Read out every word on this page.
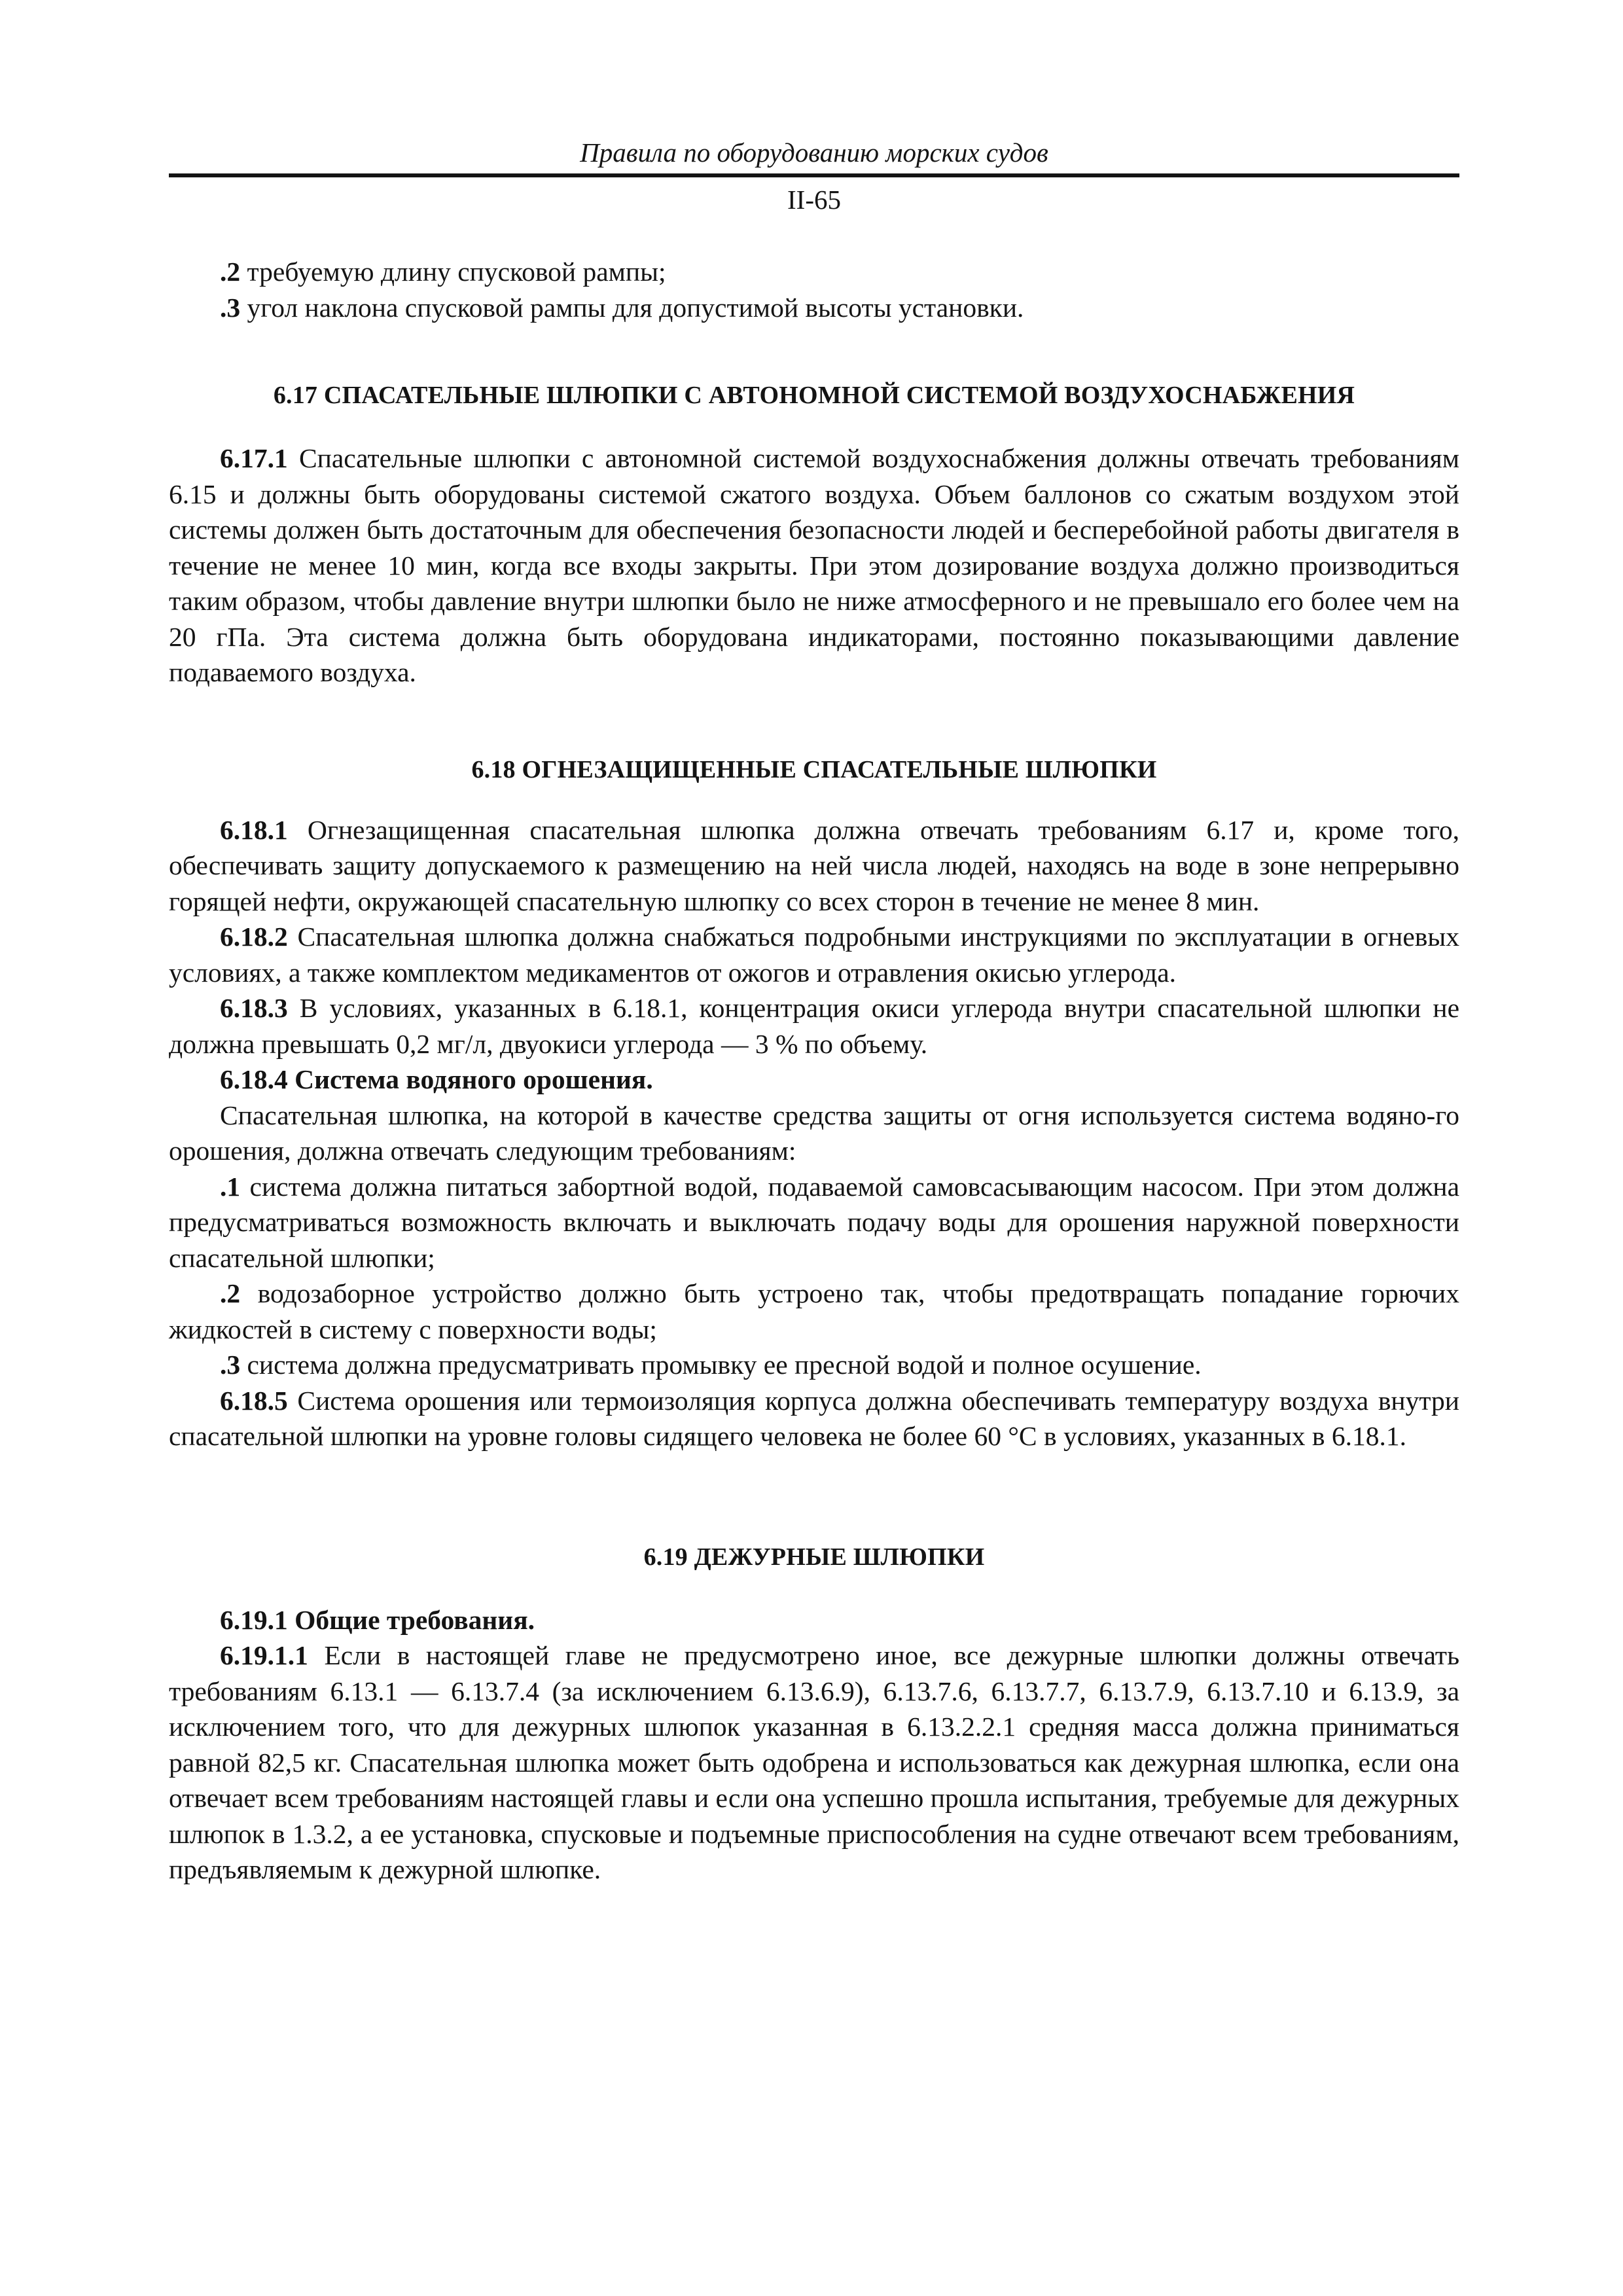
Правила по оборудованию морских судов

II-65

.2 требуемую длину спусковой рампы;

.3 угол наклона спусковой рампы для допустимой высоты установки.

6.17 СПАСАТЕЛЬНЫЕ ШЛЮПКИ С АВТОНОМНОЙ СИСТЕМОЙ ВОЗДУХОСНАБЖЕНИЯ

6.17.1 Спасательные шлюпки с автономной системой воздухоснабжения должны отвечать требованиям 6.15 и должны быть оборудованы системой сжатого воздуха. Объем баллонов со сжатым воздухом этой системы должен быть достаточным для обеспечения безопасности людей и бесперебойной работы двигателя в течение не менее 10 мин, когда все входы закрыты. При этом дозирование воздуха должно производиться таким образом, чтобы давление внутри шлюпки было не ниже атмосферного и не превышало его более чем на 20 гПа. Эта система должна быть оборудована индикаторами, постоянно показывающими давление подаваемого воздуха.

6.18 ОГНЕЗАЩИЩЕННЫЕ СПАСАТЕЛЬНЫЕ ШЛЮПКИ

6.18.1 Огнезащищенная спасательная шлюпка должна отвечать требованиям 6.17 и, кроме того, обеспечивать защиту допускаемого к размещению на ней числа людей, находясь на воде в зоне непрерывно горящей нефти, окружающей спасательную шлюпку со всех сторон в течение не менее 8 мин.

6.18.2 Спасательная шлюпка должна снабжаться подробными инструкциями по эксплуатации в огневых условиях, а также комплектом медикаментов от ожогов и отравления окисью углерода.

6.18.3 В условиях, указанных в 6.18.1, концентрация окиси углерода внутри спасательной шлюпки не должна превышать 0,2 мг/л, двуокиси углерода — 3 % по объему.

6.18.4 Система водяного орошения.

Спасательная шлюпка, на которой в качестве средства защиты от огня используется система водяно-го орошения, должна отвечать следующим требованиям:

.1 система должна питаться забортной водой, подаваемой самовсасывающим насосом. При этом должна предусматриваться возможность включать и выключать подачу воды для орошения наружной поверхности спасательной шлюпки;

.2 водозаборное устройство должно быть устроено так, чтобы предотвращать попадание горючих жидкостей в систему с поверхности воды;

.3 система должна предусматривать промывку ее пресной водой и полное осушение.

6.18.5 Система орошения или термоизоляция корпуса должна обеспечивать температуру воздуха внутри спасательной шлюпки на уровне головы сидящего человека не более 60 °С в условиях, указанных в 6.18.1.

6.19 ДЕЖУРНЫЕ ШЛЮПКИ

6.19.1 Общие требования.

6.19.1.1 Если в настоящей главе не предусмотрено иное, все дежурные шлюпки должны отвечать требованиям 6.13.1 — 6.13.7.4 (за исключением 6.13.6.9), 6.13.7.6, 6.13.7.7, 6.13.7.9, 6.13.7.10 и 6.13.9, за исключением того, что для дежурных шлюпок указанная в 6.13.2.2.1 средняя масса должна приниматься равной 82,5 кг. Спасательная шлюпка может быть одобрена и использоваться как дежурная шлюпка, если она отвечает всем требованиям настоящей главы и если она успешно прошла испытания, требуемые для дежурных шлюпок в 1.3.2, а ее установка, спусковые и подъемные приспособления на судне отвечают всем требованиям, предъявляемым к дежурной шлюпке.
